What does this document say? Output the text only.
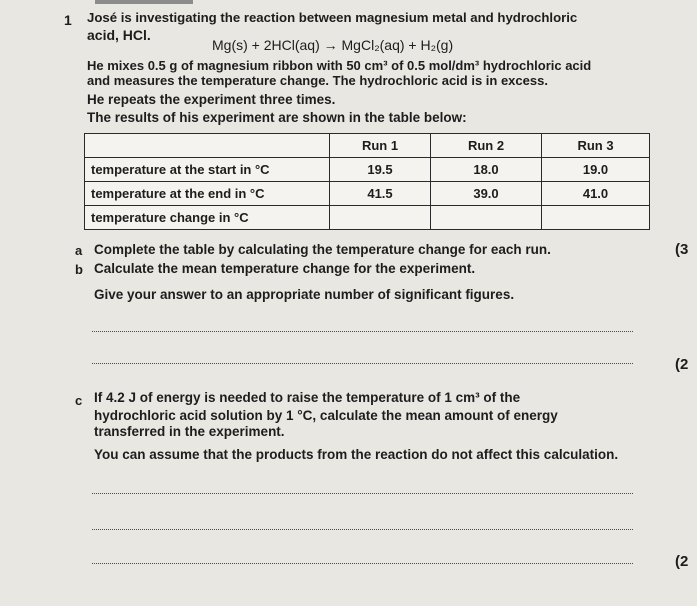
1 José is investigating the reaction between magnesium metal and hydrochloric
acid, HCl.
Mg(s) + 2HCl(aq) → MgCl₂(aq) + H₂(g)
He mixes 0.5 g of magnesium ribbon with 50 cm³ of 0.5 mol/dm³ hydrochloric acid
and measures the temperature change. The hydrochloric acid is in excess.
He repeats the experiment three times.
The results of his experiment are shown in the table below:
	Run 1	Run 2	Run 3
temperature at the start in °C	19.5	18.0	19.0
temperature at the end in °C	41.5	39.0	41.0
temperature change in °C			
a Complete the table by calculating the temperature change for each run.	(3
b Calculate the mean temperature change for the experiment.
Give your answer to an appropriate number of significant figures.
(2
c If 4.2 J of energy is needed to raise the temperature of 1 cm³ of the
hydrochloric acid solution by 1 °C, calculate the mean amount of energy
transferred in the experiment.
You can assume that the products from the reaction do not affect this calculation.
(2
